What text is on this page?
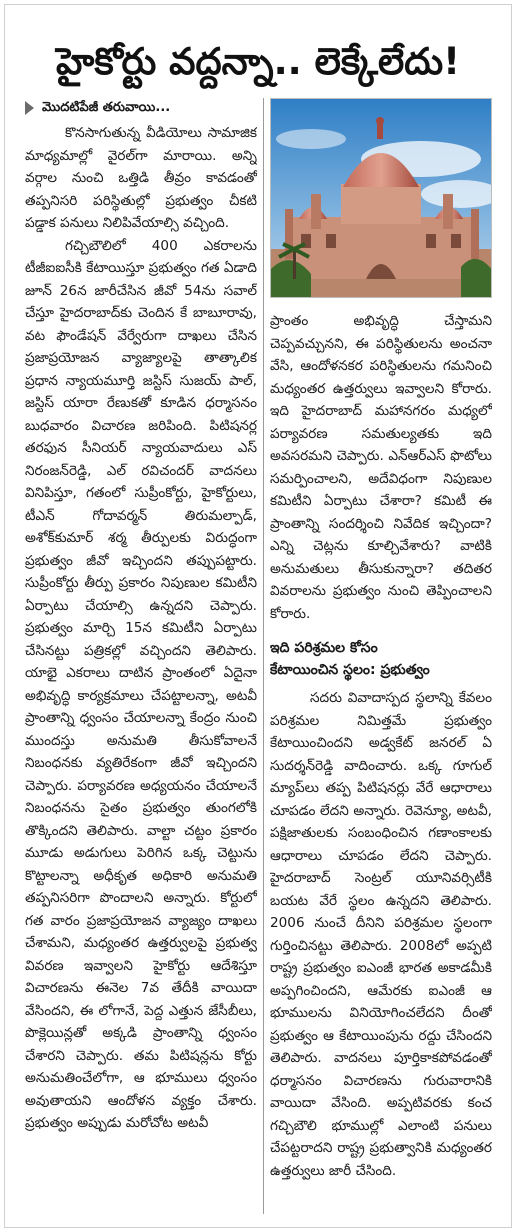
హైకోర్టు వద్దన్నా.. లెక్కేలేదు!
మొదటిపేజీ తరువాయి...

కొనసాగుతున్న వీడియోలు సామాజిక మాధ్యమాల్లో వైరల్‌గా మారాయి. అన్ని వర్గాల నుంచి ఒత్తిడి తీవ్రం కావడంతో తప్పనిసరి పరిస్థితుల్లో ప్రభుత్వం చీకటి పడ్డాక పనులు నిలిపివేయాల్సి వచ్చింది.

గచ్చిబౌలిలో 400 ఎకరాలను టీజీఐఐసీకి కేటాయిస్తూ ప్రభుత్వం గత ఏడాది జూన్ 26న జారీచేసిన జీవో 54ను సవాల్ చేస్తూ హైదరాబాద్‌కు చెందిన కే బాబూరావు, వట ఫౌండేషన్ వేర్వేరుగా దాఖలు చేసిన ప్రజాప్రయోజన వ్యాజ్యాలపై తాత్కాలిక ప్రధాన న్యాయమూర్తి జస్టిస్ సుజయ్ పాల్, జస్టిస్ యారా రేణుకతో కూడిన ధర్మాసనం బుధవారం విచారణ జరిపింది. పిటిషనర్ల తరఫున సీనియర్ న్యాయవాదులు ఎస్ నిరంజన్‌రెడ్డి, ఎల్ రవిచందర్ వాదనలు వినిపిస్తూ, గతంలో సుప్రీంకోర్టు, హైకోర్టులు, టీఎన్ గోదావర్మన్ తిరుమల్పాడ్, అశోక్‌కుమార్ శర్మ తీర్పులకు విరుద్ధంగా ప్రభుత్వం జీవో ఇచ్చిందని తప్పుపట్టారు. సుప్రీంకోర్టు తీర్పు ప్రకారం నిపుణుల కమిటీని ఏర్పాటు చేయాల్సి ఉన్నదని చెప్పారు. ప్రభుత్వం మార్చి 15న కమిటీని ఏర్పాటు చేసినట్టు పత్రికల్లో వచ్చిందని తెలిపారు. యాభై ఎకరాలు దాటిన ప్రాంతంలో ఏదైనా అభివృద్ధి కార్యక్రమాలు చేపట్టాలన్నా, అటవీ ప్రాంతాన్ని ధ్వంసం చేయాలన్నా కేంద్రం నుంచి ముందస్తు అనుమతి తీసుకోవాలనే నిబంధనకు వ్యతిరేకంగా జీవో ఇచ్చిందని చెప్పారు. పర్యావరణ అధ్యయనం చేయాలనే నిబంధనను సైతం ప్రభుత్వం తుంగలోకి తొక్కిందని తెలిపారు. వాల్టా చట్టం ప్రకారం మూడు అడుగులు పెరిగిన ఒక్క చెట్టును కొట్టాలన్నా అధీకృత అధికారి అనుమతి తప్పనిసరిగా పొందాలని అన్నారు. కోర్టులో గత వారం ప్రజాప్రయోజన వ్యాజ్యం దాఖలు చేశామని, మధ్యంతర ఉత్తర్వులపై ప్రభుత్వ వివరణ ఇవ్వాలని హైకోర్టు ఆదేశిస్తూ విచారణను ఈనెల 7వ తేదీకి వాయిదా వేసిందని, ఈ లోగానే, పెద్ద ఎత్తున జేసీబీలు, పొక్లెయిన్లతో అక్కడి ప్రాంతాన్ని ధ్వంసం చేశారని చెప్పారు. తమ పిటిషన్లను కోర్టు అనుమతించేలోగా, ఆ భూములు ధ్వంసం అవుతాయని ఆందోళన వ్యక్తం చేశారు. ప్రభుత్వం అప్పుడు మరోచోట అటవీ

ప్రాంతం అభివృద్ధి చేస్తామని చెప్పవచ్చునని, ఈ పరిస్థితులను అంచనా వేసి, ఆందోళనకర పరిస్థితులను గమనించి మధ్యంతర ఉత్తర్వులు ఇవ్వాలని కోరారు. ఇది హైదరాబాద్ మహానగరం మధ్యలో పర్యావరణ సమతుల్యతకు ఇది అవసరమని చెప్పారు. ఎన్ఆర్ఎస్ ఫొటోలు సమర్పించాలని, అదేవిధంగా నిపుణుల కమిటీని ఏర్పాటు చేశారా? కమిటీ ఈ ప్రాంతాన్ని సందర్శించి నివేదిక ఇచ్చిందా? ఎన్ని చెట్లను కూల్చివేశారు? వాటికి అనుమతులు తీసుకున్నారా? తదితర వివరాలను ప్రభుత్వం నుంచి తెప్పించాలని కోరారు.

ఇది పరిశ్రమల కోసం
కేటాయించిన స్థలం: ప్రభుత్వం

సదరు వివాదాస్పద స్థలాన్ని కేవలం పరిశ్రమల నిమిత్తమే ప్రభుత్వం కేటాయించిందని అడ్వకేట్ జనరల్ ఏ సుదర్శన్‌రెడ్డి వాదించారు. ఒక్క గూగుల్ మ్యాప్‌లు తప్ప పిటిషనర్లు వేరే ఆధారాలు చూపడం లేదని అన్నారు. రెవెన్యూ, అటవీ, పక్షిజాతులకు సంబంధించిన గణాంకాలకు ఆధారాలు చూపడం లేదని చెప్పారు. హైదరాబాద్ సెంట్రల్ యూనివర్సిటీకి బయట వేరే స్థలం ఉన్నదని తెలిపారు. 2006 నుంచే దీనిని పరిశ్రమల స్థలంగా గుర్తించినట్టు తెలిపారు. 2008లో అప్పటి రాష్ట్ర ప్రభుత్వం ఐఎంజీ భారత అకాడమీకి అప్పగించిందని, ఆమేరకు ఐఎంజీ ఆ భూములను వినియోగించలేదని దీంతో ప్రభుత్వం ఆ కేటాయింపును రద్దు చేసిందని తెలిపారు. వాదనలు పూర్తికాకపోవడంతో ధర్మాసనం విచారణను గురువారానికి వాయిదా వేసింది. అప్పటివరకు కంచ గచ్చిబౌలి భూముల్లో ఎలాంటి పనులు చేపట్టరాదని రాష్ట్ర ప్రభుత్వానికి మధ్యంతర ఉత్తర్వులు జారీ చేసింది.
